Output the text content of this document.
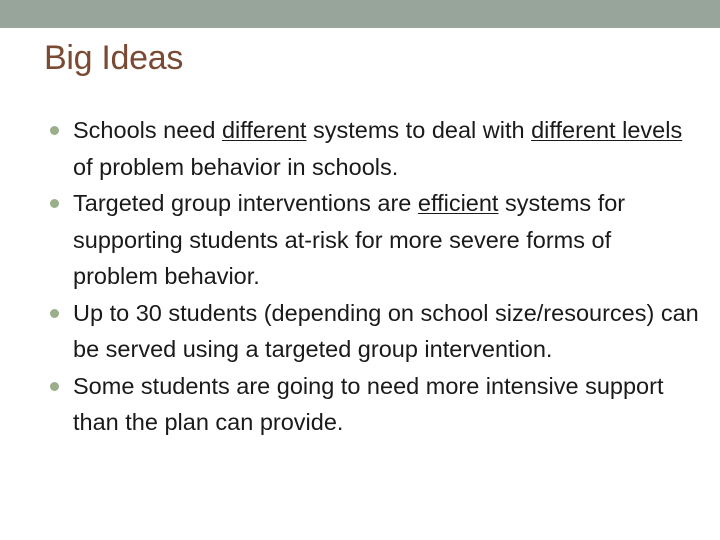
Big Ideas
Schools need different systems to deal with different levels of problem behavior in schools.
Targeted group interventions are efficient systems for supporting students at-risk for more severe forms of problem behavior.
Up to 30 students (depending on school size/resources) can be served using a targeted group intervention.
Some students are going to need more intensive support than the plan can provide.
